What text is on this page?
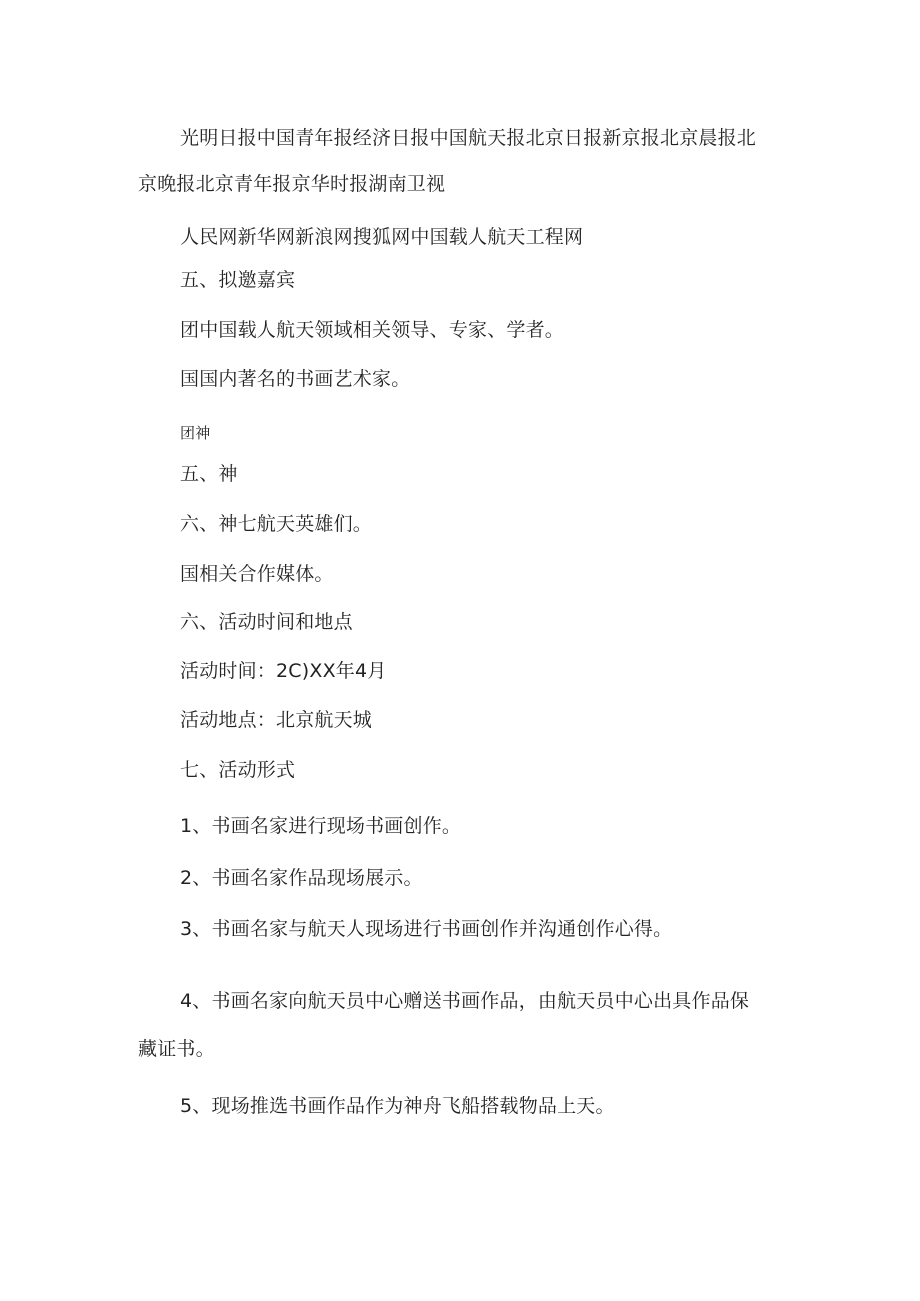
光明日报中国青年报经济日报中国航天报北京日报新京报北京晨报北
京晚报北京青年报京华时报湖南卫视
人民网新华网新浪网搜狐网中国载人航天工程网
五、拟邀嘉宾
团中国载人航天领域相关领导、专家、学者。
国国内著名的书画艺术家。
团神
五、神
六、神七航天英雄们。
国相关合作媒体。
六、活动时间和地点
活动时间：2C)XX年4月
活动地点：北京航天城
七、活动形式
1、书画名家进行现场书画创作。
2、书画名家作品现场展示。
3、书画名家与航天人现场进行书画创作并沟通创作心得。
4、书画名家向航天员中心赠送书画作品，由航天员中心出具作品保
藏证书。
5、现场推选书画作品作为神舟飞船搭载物品上天。
